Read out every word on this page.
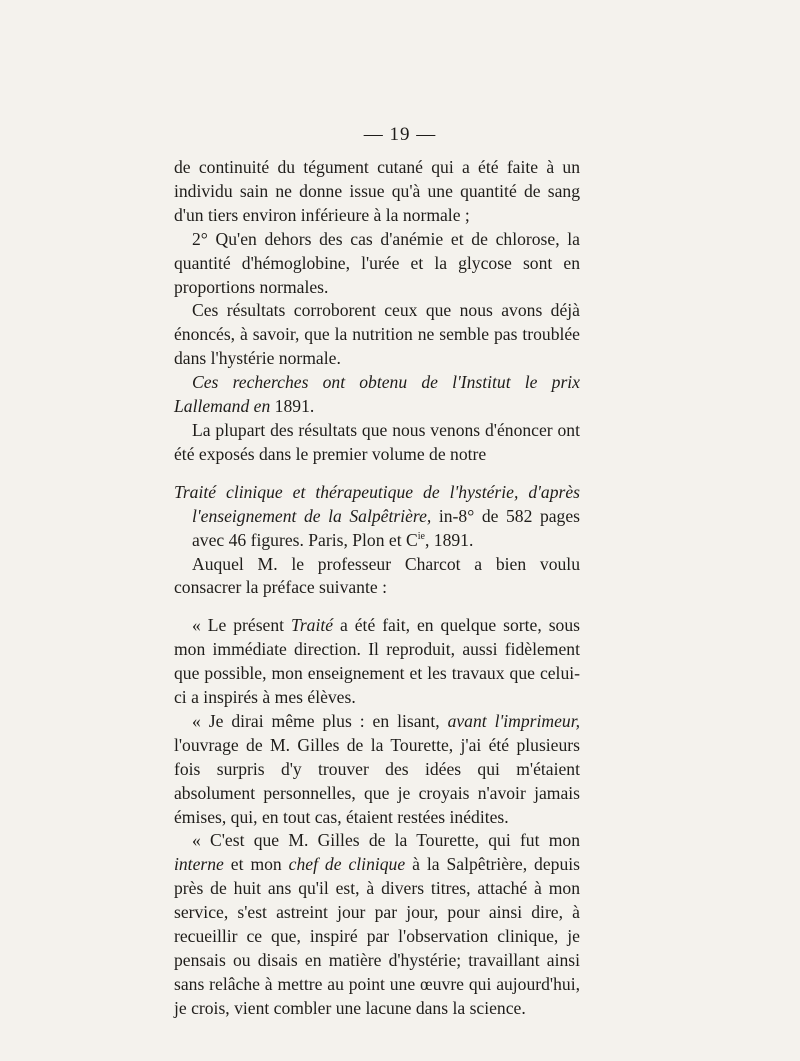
— 19 —

de continuité du tégument cutané qui a été faite à un individu sain ne donne issue qu'à une quantité de sang d'un tiers environ inférieure à la normale ;

2° Qu'en dehors des cas d'anémie et de chlorose, la quantité d'hémoglobine, l'urée et la glycose sont en proportions normales.

Ces résultats corroborent ceux que nous avons déjà énoncés, à savoir, que la nutrition ne semble pas troublée dans l'hystérie normale.

Ces recherches ont obtenu de l'Institut le prix Lallemand en 1891.

La plupart des résultats que nous venons d'énoncer ont été exposés dans le premier volume de notre

Traité clinique et thérapeutique de l'hystérie, d'après l'enseignement de la Salpêtrière, in-8° de 582 pages avec 46 figures. Paris, Plon et $C^{ie}$, 1891.

Auquel M. le professeur Charcot a bien voulu consacrer la préface suivante :

« Le présent Traité a été fait, en quelque sorte, sous mon immédiate direction. Il reproduit, aussi fidèlement que possible, mon enseignement et les travaux que celui-ci a inspirés à mes élèves.

« Je dirai même plus : en lisant, avant l'imprimeur, l'ouvrage de M. Gilles de la Tourette, j'ai été plusieurs fois surpris d'y trouver des idées qui m'étaient absolument personnelles, que je croyais n'avoir jamais émises, qui, en tout cas, étaient restées inédites.

« C'est que M. Gilles de la Tourette, qui fut mon interne et mon chef de clinique à la Salpêtrière, depuis près de huit ans qu'il est, à divers titres, attaché à mon service, s'est astreint jour par jour, pour ainsi dire, à recueillir ce que, inspiré par l'observation clinique, je pensais ou disais en matière d'hystérie; travaillant ainsi sans relâche à mettre au point une œuvre qui aujourd'hui, je crois, vient combler une lacune dans la science.
